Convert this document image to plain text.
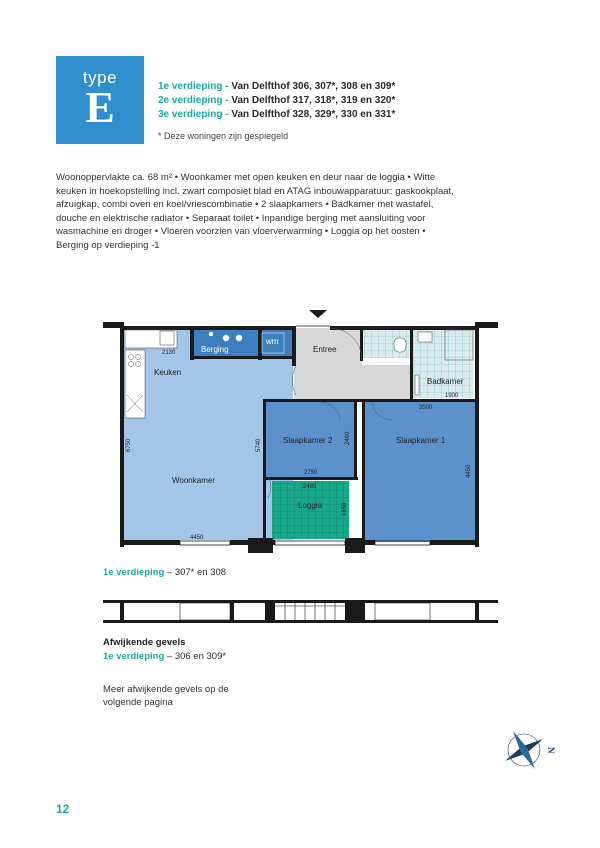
type
E	1e verdieping - Van Delfthof 306, 307*, 308 en 309*
2e verdieping - Van Delfthof 317, 318*, 319 en 320*
3e verdieping - Van Delfthof 328, 329*, 330 en 331*
* Deze woningen zijn gespiegeld
Woonoppervlakte ca. 68 m² • Woonkamer met open keuken en deur naar de loggia • Witte keuken in hoekopstelling incl. zwart composiet blad en ATAG inbouwapparatuur: gaskookplaat, afzuigkap, combi oven en koel/vriescombinatie • 2 slaapkamers • Badkamer met wastafel, douche en elektrische radiator • Separaat toilet • Inpandige berging met aansluiting voor wasmachine en droger • Vloeren voorzien van vloerverwarming • Loggia op het oosten • Berging op verdieping -1
2130
3500
1900
6750	5740
2460
4450
2750
2485
1850
4450
Berging
wm
Entree
Keuken
Badkamer
Slaapkamer 2	Slaapkamer 1
Woonkamer
Loggia
1e verdieping – 307* en 308
Afwijkende gevels
1e verdieping – 306 en 309*
Meer afwijkende gevels op de volgende pagina
N
12
